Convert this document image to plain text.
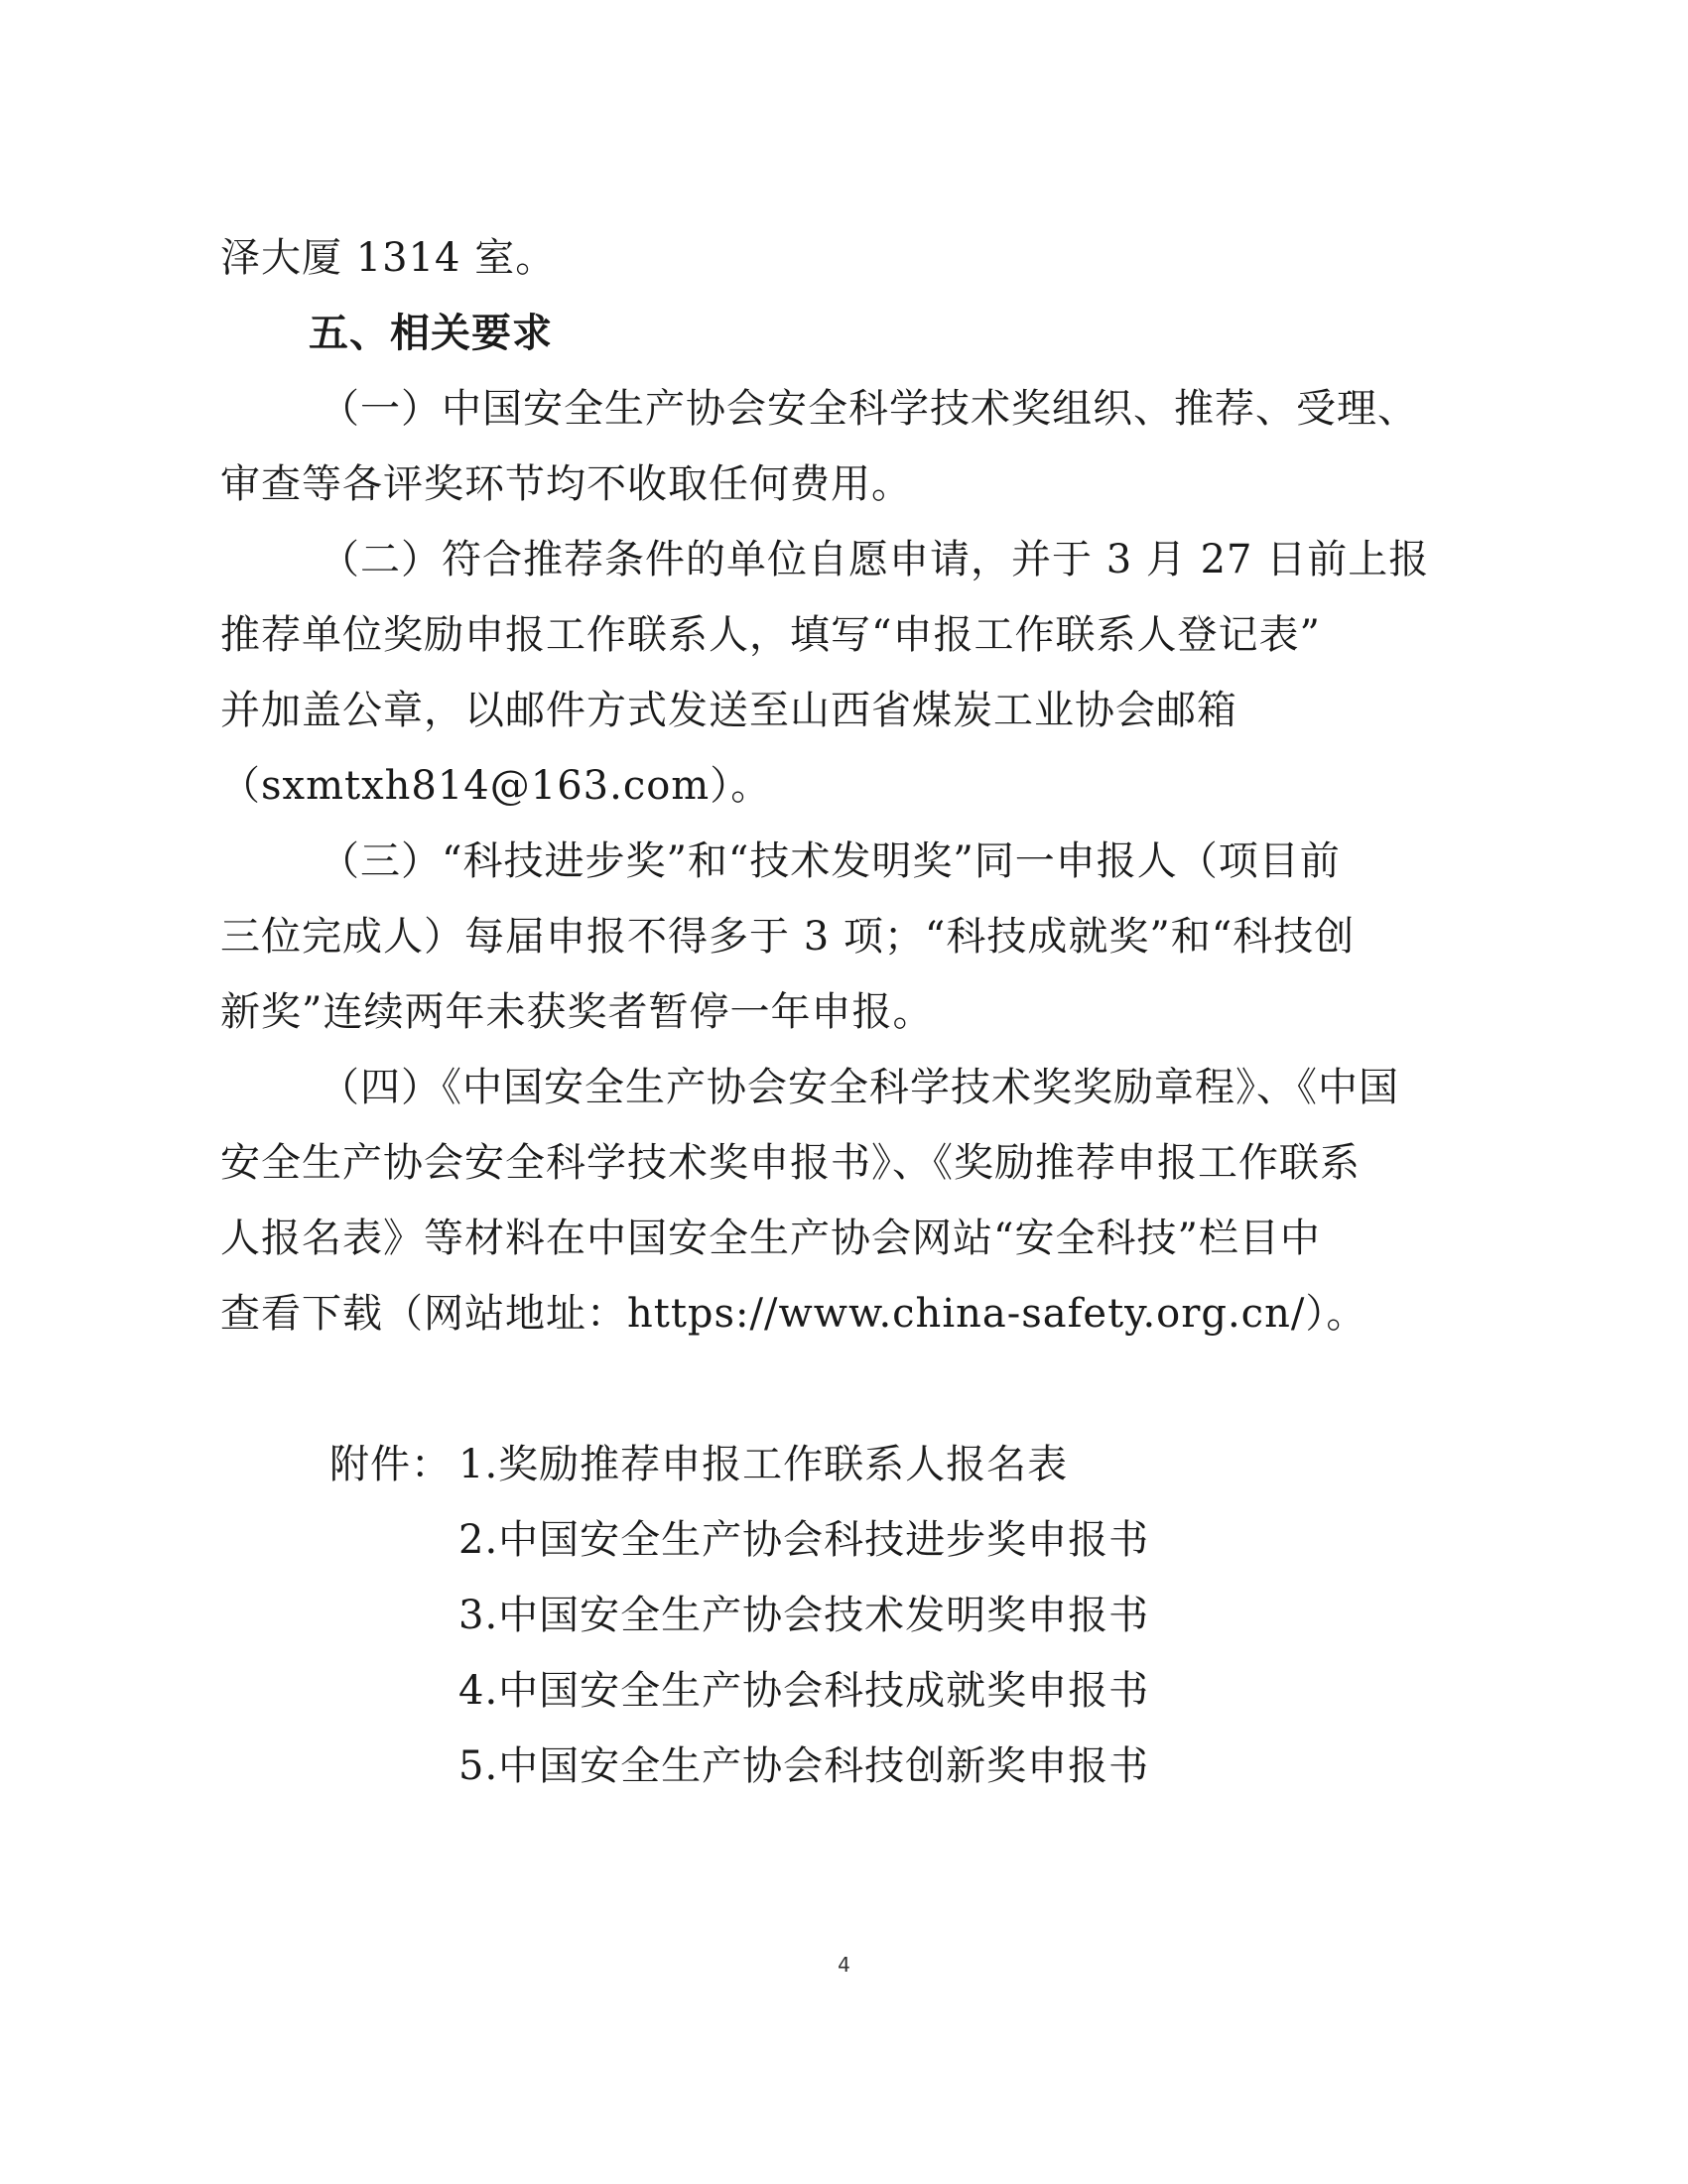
泽大厦 1314 室。
五、相关要求
（一）中国安全生产协会安全科学技术奖组织、推荐、受理、
审查等各评奖环节均不收取任何费用。
（二）符合推荐条件的单位自愿申请，并于 3 月 27 日前上报
推荐单位奖励申报工作联系人，填写“申报工作联系人登记表”
并加盖公章，以邮件方式发送至山西省煤炭工业协会邮箱
（sxmtxh814@163.com）。
（三）“科技进步奖”和“技术发明奖”同一申报人（项目前
三位完成人）每届申报不得多于 3 项；“科技成就奖”和“科技创
新奖”连续两年未获奖者暂停一年申报。
（四）《中国安全生产协会安全科学技术奖奖励章程》、《中国
安全生产协会安全科学技术奖申报书》、《奖励推荐申报工作联系
人报名表》等材料在中国安全生产协会网站“安全科技”栏目中
查看下载（网站地址：https://www.china-safety.org.cn/）。
附件： 1.奖励推荐申报工作联系人报名表
2.中国安全生产协会科技进步奖申报书
3.中国安全生产协会技术发明奖申报书
4.中国安全生产协会科技成就奖申报书
5.中国安全生产协会科技创新奖申报书
4
